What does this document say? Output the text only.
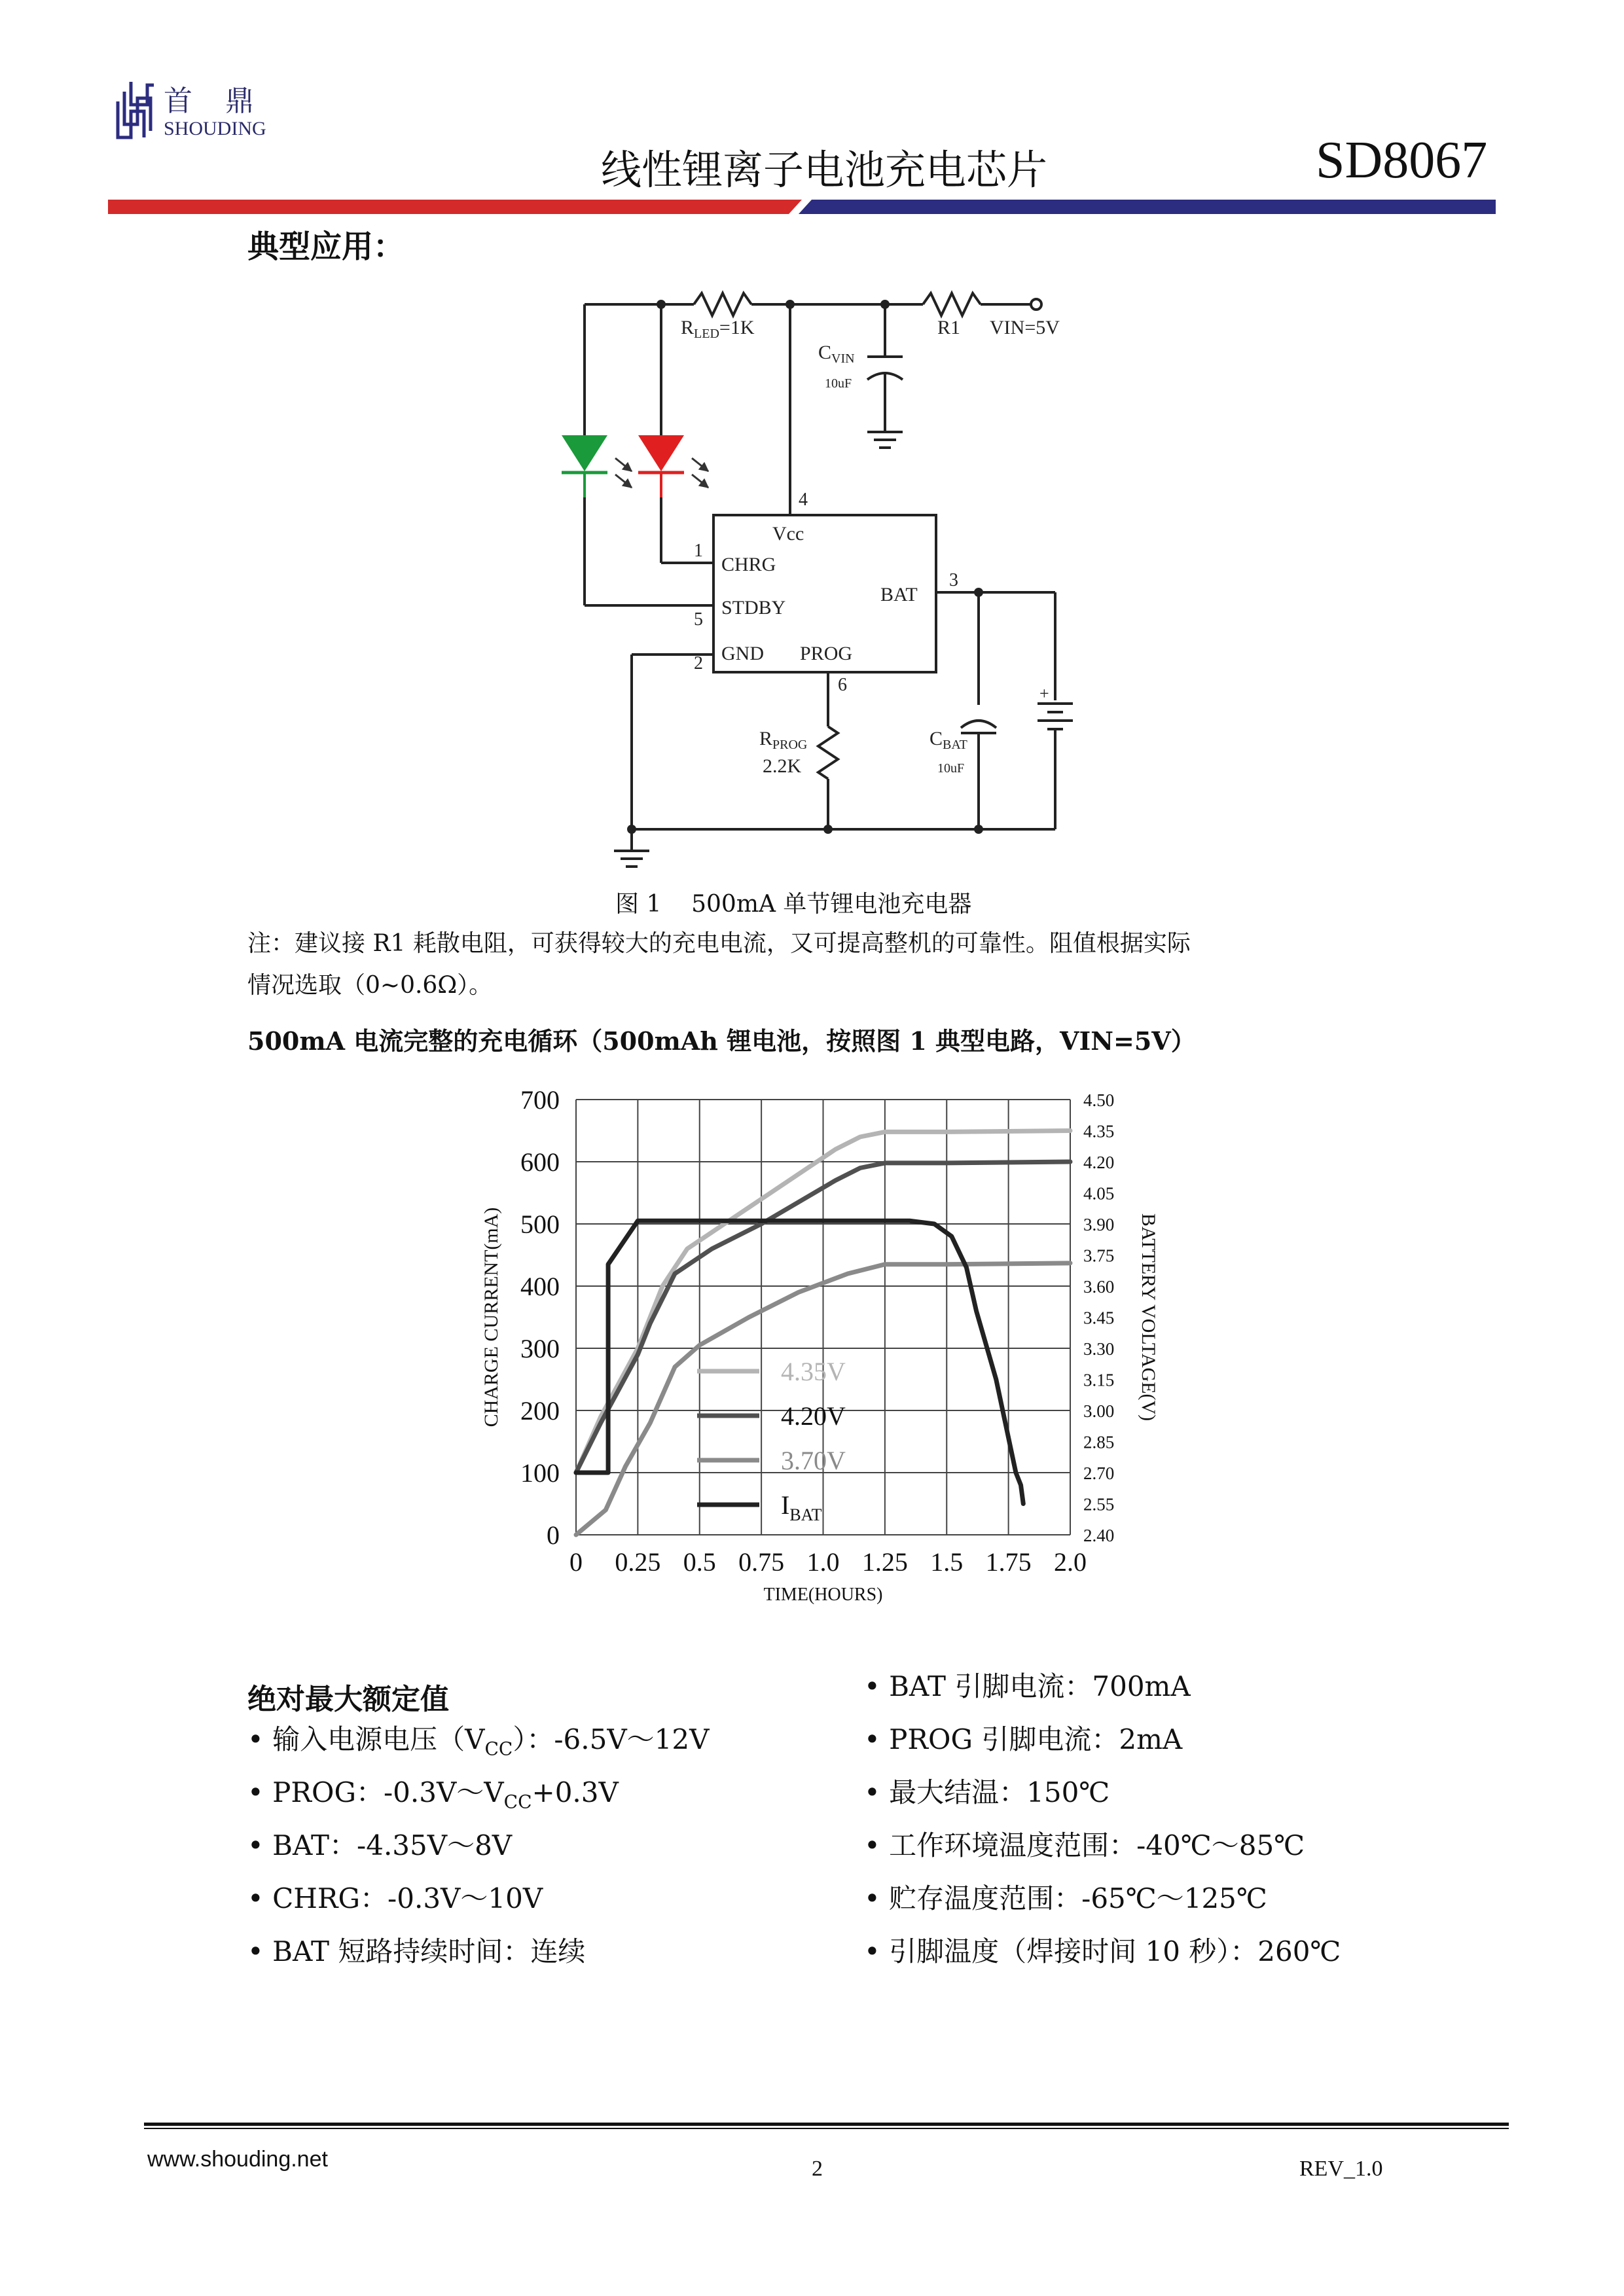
首   鼎
SHOUDING
线性锂离子电池充电芯片	SD8067
典型应用：
$R_{LED}=1K$	R1 VIN=5V
$C_{VIN}$
10uF
4
1
5
2
3
6
Vcc
CHRG
STDBY
GND PROG
BAT
$R_{PROG}$
2.2K
$C_{BAT}$
10uF
+
图 1    500mA 单节锂电池充电器
注：建议接 R1 耗散电阻，可获得较大的充电电流，又可提高整机的可靠性。阻值根据实际
情况选取（0~0.6Ω）。
500mA 电流完整的充电循环（500mAh 锂电池，按照图 1 典型电路，VIN=5V）
0 0.25 0.5 0.75 1.0 1.25 1.5 1.75 2.0
0
100
200
300
400
500
600
700
2.40
2.55
2.70
2.85
3.00
3.15
3.30
3.45
3.60
3.75
3.90
4.05
4.20
4.35
4.50
TIME(HOURS)
CHARGE CURRENT(mA)	BATTERY VOLTAGE(V)
4.35V
4.20V
3.70V
$I_{BAT}$
绝对最大额定值
• 输入电源电压$(V_{CC})$：-6.5V～12V
• PROG：$-0.3V\sim V_{CC}+0.3V$
• BAT：-4.35V～8V
• CHRG：-0.3V～10V
• BAT 短路持续时间：连续
• BAT 引脚电流：700mA
• PROG 引脚电流：2mA
• 最大结温：150℃
• 工作环境温度范围：-40℃～85℃
• 贮存温度范围：-65℃～125℃
• 引脚温度（焊接时间 10 秒）：260℃
www.shouding.net	2	REV_1.0
